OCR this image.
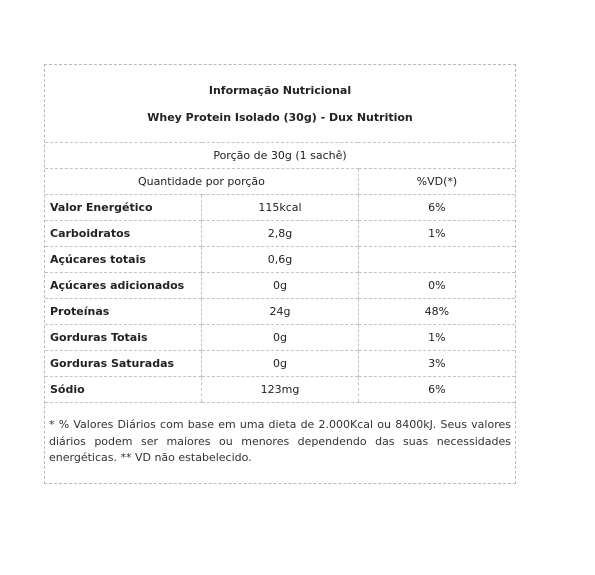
Informação Nutricional
Whey Protein Isolado (30g) - Dux Nutrition
Porção de 30g (1 sachê)		
Quantidade por porção		%VD(*)
Valor Energético	115kcal	6%
Carboidratos	2,8g	1%
Açúcares totais	0,6g	
Açúcares adicionados	0g	0%
Proteínas	24g	48%
Gorduras Totais	0g	1%
Gorduras Saturadas	0g	3%
Sódio	123mg	6%
* % Valores Diários com base em uma dieta de 2.000Kcal ou 8400kJ. Seus valores diários podem ser maiores ou menores dependendo das suas necessidades energéticas. ** VD não estabelecido.
